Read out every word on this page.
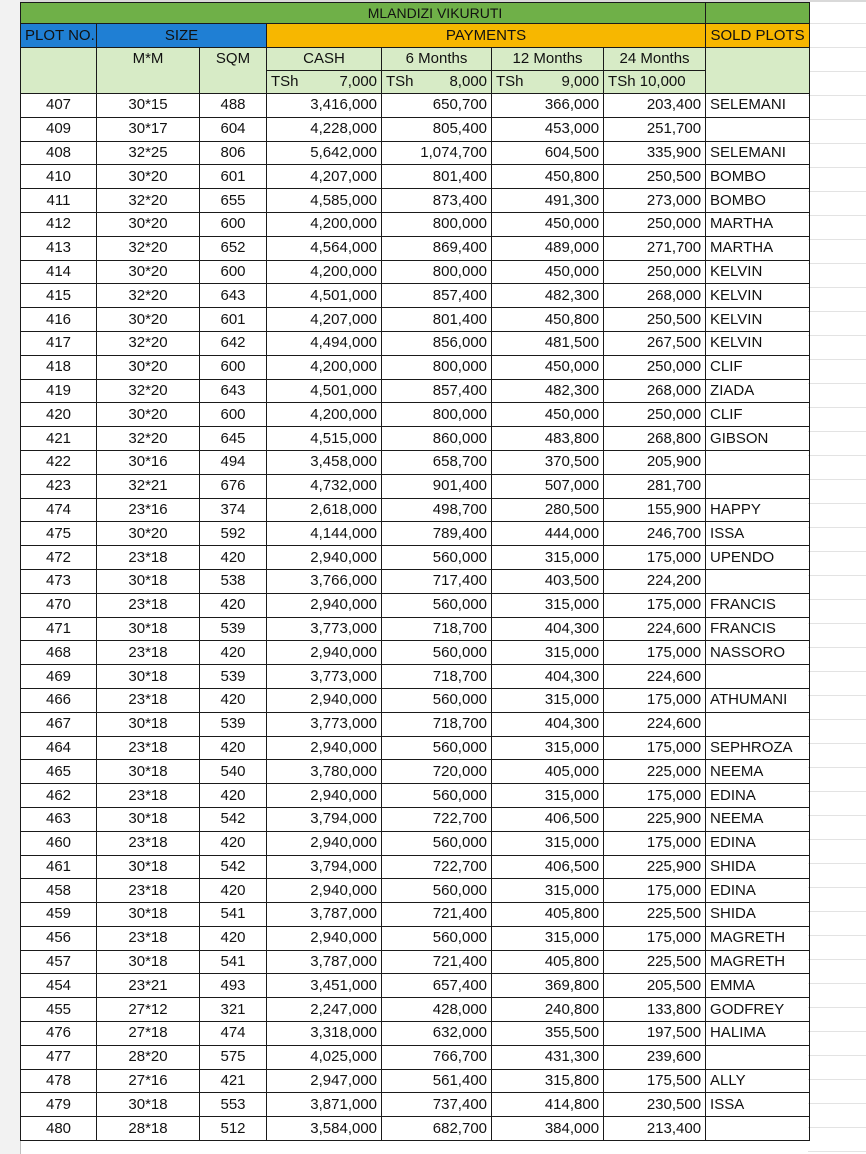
			MLANDIZI VIKURUTI				
PLOT NO.	SIZE		PAYMENTS				SOLD PLOTS
	M*M	SQM	CASH	6 Months	12 Months	24 Months	

			TSh 7,000	TSh 8,000	TSh 9,000	TSh 10,000	
407	30*15	488	3,416,000	650,700	366,000	203,400	SELEMANI
409	30*17	604	4,228,000	805,400	453,000	251,700	
408	32*25	806	5,642,000	1,074,700	604,500	335,900	SELEMANI
410	30*20	601	4,207,000	801,400	450,800	250,500	BOMBO
411	32*20	655	4,585,000	873,400	491,300	273,000	BOMBO
412	30*20	600	4,200,000	800,000	450,000	250,000	MARTHA
413	32*20	652	4,564,000	869,400	489,000	271,700	MARTHA
414	30*20	600	4,200,000	800,000	450,000	250,000	KELVIN
415	32*20	643	4,501,000	857,400	482,300	268,000	KELVIN
416	30*20	601	4,207,000	801,400	450,800	250,500	KELVIN
417	32*20	642	4,494,000	856,000	481,500	267,500	KELVIN
418	30*20	600	4,200,000	800,000	450,000	250,000	CLIF
419	32*20	643	4,501,000	857,400	482,300	268,000	ZIADA
420	30*20	600	4,200,000	800,000	450,000	250,000	CLIF
421	32*20	645	4,515,000	860,000	483,800	268,800	GIBSON
422	30*16	494	3,458,000	658,700	370,500	205,900	
423	32*21	676	4,732,000	901,400	507,000	281,700	
474	23*16	374	2,618,000	498,700	280,500	155,900	HAPPY
475	30*20	592	4,144,000	789,400	444,000	246,700	ISSA
472	23*18	420	2,940,000	560,000	315,000	175,000	UPENDO
473	30*18	538	3,766,000	717,400	403,500	224,200	
470	23*18	420	2,940,000	560,000	315,000	175,000	FRANCIS
471	30*18	539	3,773,000	718,700	404,300	224,600	FRANCIS
468	23*18	420	2,940,000	560,000	315,000	175,000	NASSORO
469	30*18	539	3,773,000	718,700	404,300	224,600	
466	23*18	420	2,940,000	560,000	315,000	175,000	ATHUMANI
467	30*18	539	3,773,000	718,700	404,300	224,600	
464	23*18	420	2,940,000	560,000	315,000	175,000	SEPHROZA
465	30*18	540	3,780,000	720,000	405,000	225,000	NEEMA
462	23*18	420	2,940,000	560,000	315,000	175,000	EDINA
463	30*18	542	3,794,000	722,700	406,500	225,900	NEEMA
460	23*18	420	2,940,000	560,000	315,000	175,000	EDINA
461	30*18	542	3,794,000	722,700	406,500	225,900	SHIDA
458	23*18	420	2,940,000	560,000	315,000	175,000	EDINA
459	30*18	541	3,787,000	721,400	405,800	225,500	SHIDA
456	23*18	420	2,940,000	560,000	315,000	175,000	MAGRETH
457	30*18	541	3,787,000	721,400	405,800	225,500	MAGRETH
454	23*21	493	3,451,000	657,400	369,800	205,500	EMMA
455	27*12	321	2,247,000	428,000	240,800	133,800	GODFREY
476	27*18	474	3,318,000	632,000	355,500	197,500	HALIMA
477	28*20	575	4,025,000	766,700	431,300	239,600	
478	27*16	421	2,947,000	561,400	315,800	175,500	ALLY
479	30*18	553	3,871,000	737,400	414,800	230,500	ISSA
480	28*18	512	3,584,000	682,700	384,000	213,400	
